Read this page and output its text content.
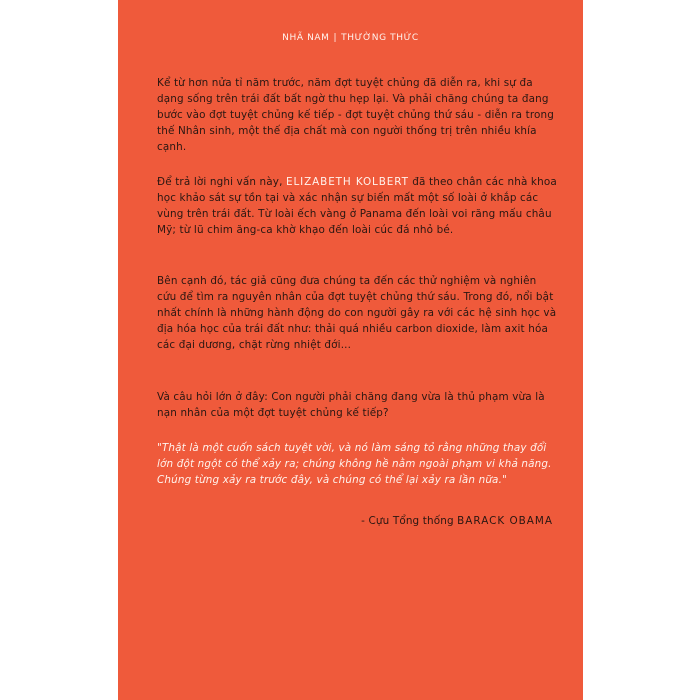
NHÃ NAM | THƯỜNG THỨC

Kể từ hơn nửa tỉ năm trước, năm đợt tuyệt chủng đã diễn ra, khi sự đa dạng sống trên trái đất bất ngờ thu hẹp lại. Và phải chăng chúng ta đang bước vào đợt tuyệt chủng kế tiếp - đợt tuyệt chủng thứ sáu - diễn ra trong thế Nhân sinh, một thế địa chất mà con người thống trị trên nhiều khía cạnh.

Để trả lời nghi vấn này, ELIZABETH KOLBERT đã theo chân các nhà khoa học khảo sát sự tồn tại và xác nhận sự biến mất một số loài ở khắp các vùng trên trái đất. Từ loài ếch vàng ở Panama đến loài voi răng mấu châu Mỹ; từ lũ chim ăng-ca khờ khạo đến loài cúc đá nhỏ bé.

Bên cạnh đó, tác giả cũng đưa chúng ta đến các thử nghiệm và nghiên cứu để tìm ra nguyên nhân của đợt tuyệt chủng thứ sáu. Trong đó, nổi bật nhất chính là những hành động do con người gây ra với các hệ sinh học và địa hóa học của trái đất như: thải quá nhiều carbon dioxide, làm axit hóa các đại dương, chặt rừng nhiệt đới...

Và câu hỏi lớn ở đây: Con người phải chăng đang vừa là thủ phạm vừa là nạn nhân của một đợt tuyệt chủng kế tiếp?

"Thật là một cuốn sách tuyệt vời, và nó làm sáng tỏ rằng những thay đổi lớn đột ngột có thể xảy ra; chúng không hề nằm ngoài phạm vi khả năng. Chúng từng xảy ra trước đây, và chúng có thể lại xảy ra lần nữa."

- Cựu Tổng thống BARACK OBAMA
